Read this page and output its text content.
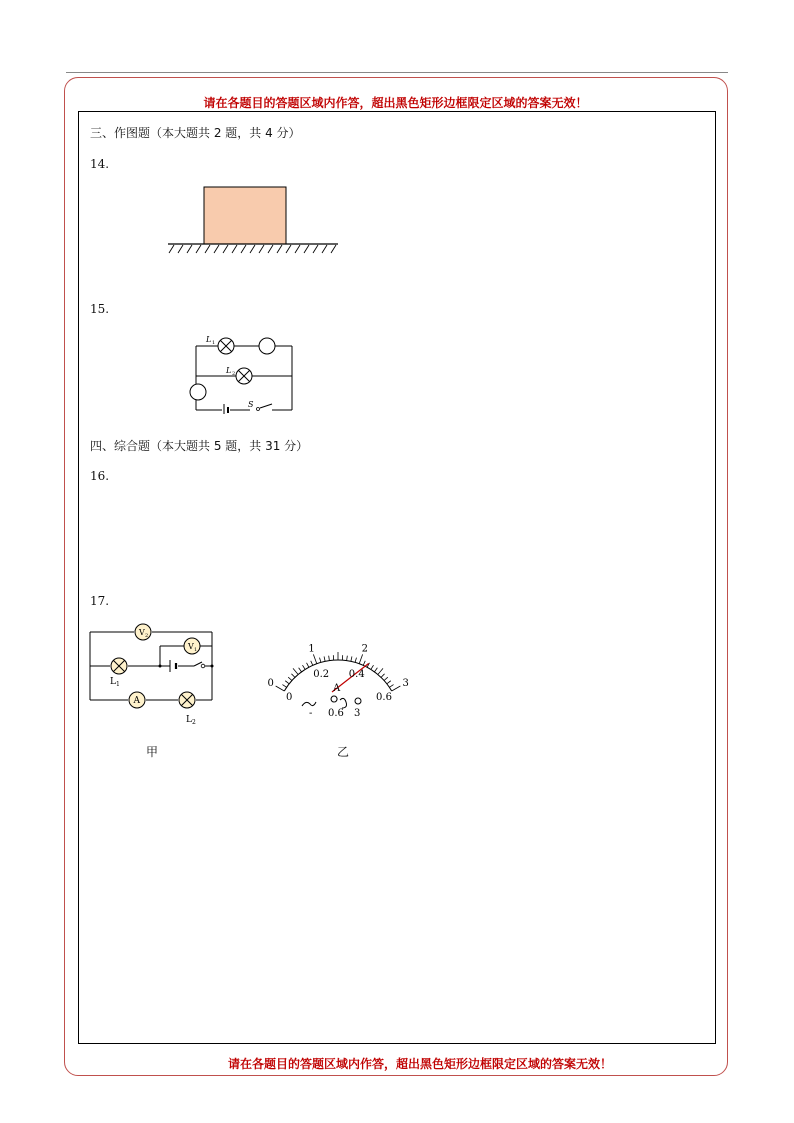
请在各题目的答题区域内作答，超出黑色矩形边框限定区域的答案无效！
请在各题目的答题区域内作答，超出黑色矩形边框限定区域的答案无效！
三、作图题（本大题共 2 题，共 4 分）
14.
15.
L 1
L 2
S
四、综合题（本大题共 5 题，共 31 分）
16.
17.
V 2
V 1
L 1
A
L 2
0
1	2
3
0
0.2 0.4
0.6
A
- 0.6 3
甲	乙
